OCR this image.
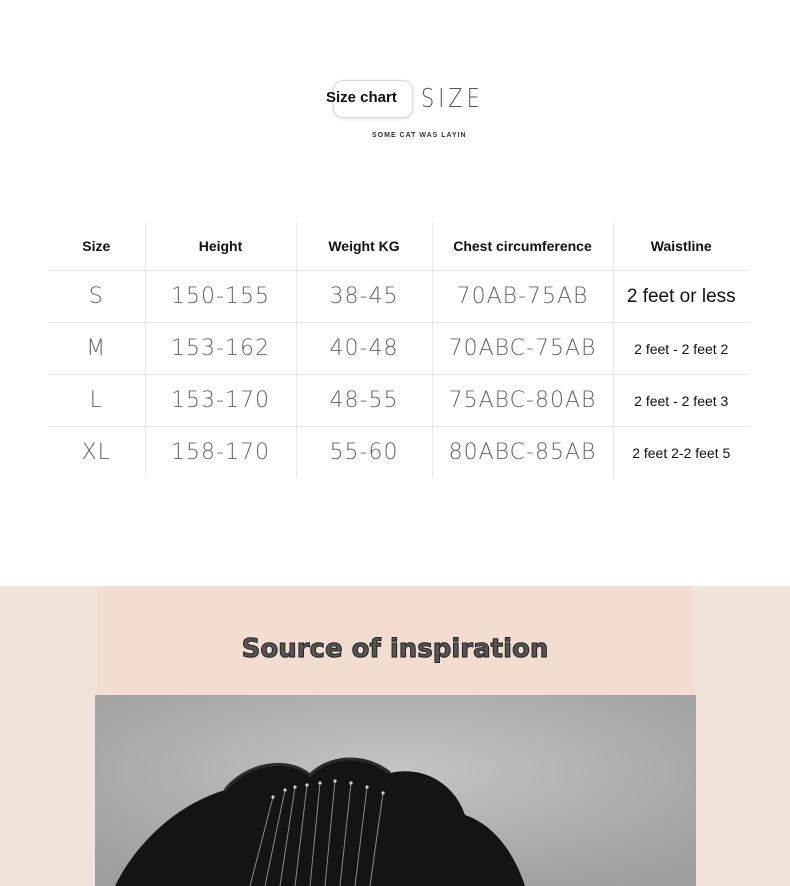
Size chart SIZE
SOME CAT WAS LAYIN
Size	Height	Weight KG	Chest circumference	Waistline
S	150-155	38-45	70AB-75AB	2 feet or less
M	153-162	40-48	70ABC-75AB	2 feet - 2 feet 2
L	153-170	48-55	75ABC-80AB	2 feet - 2 feet 3
XL	158-170	55-60	80ABC-85AB	2 feet 2-2 feet 5
Source of inspiration
